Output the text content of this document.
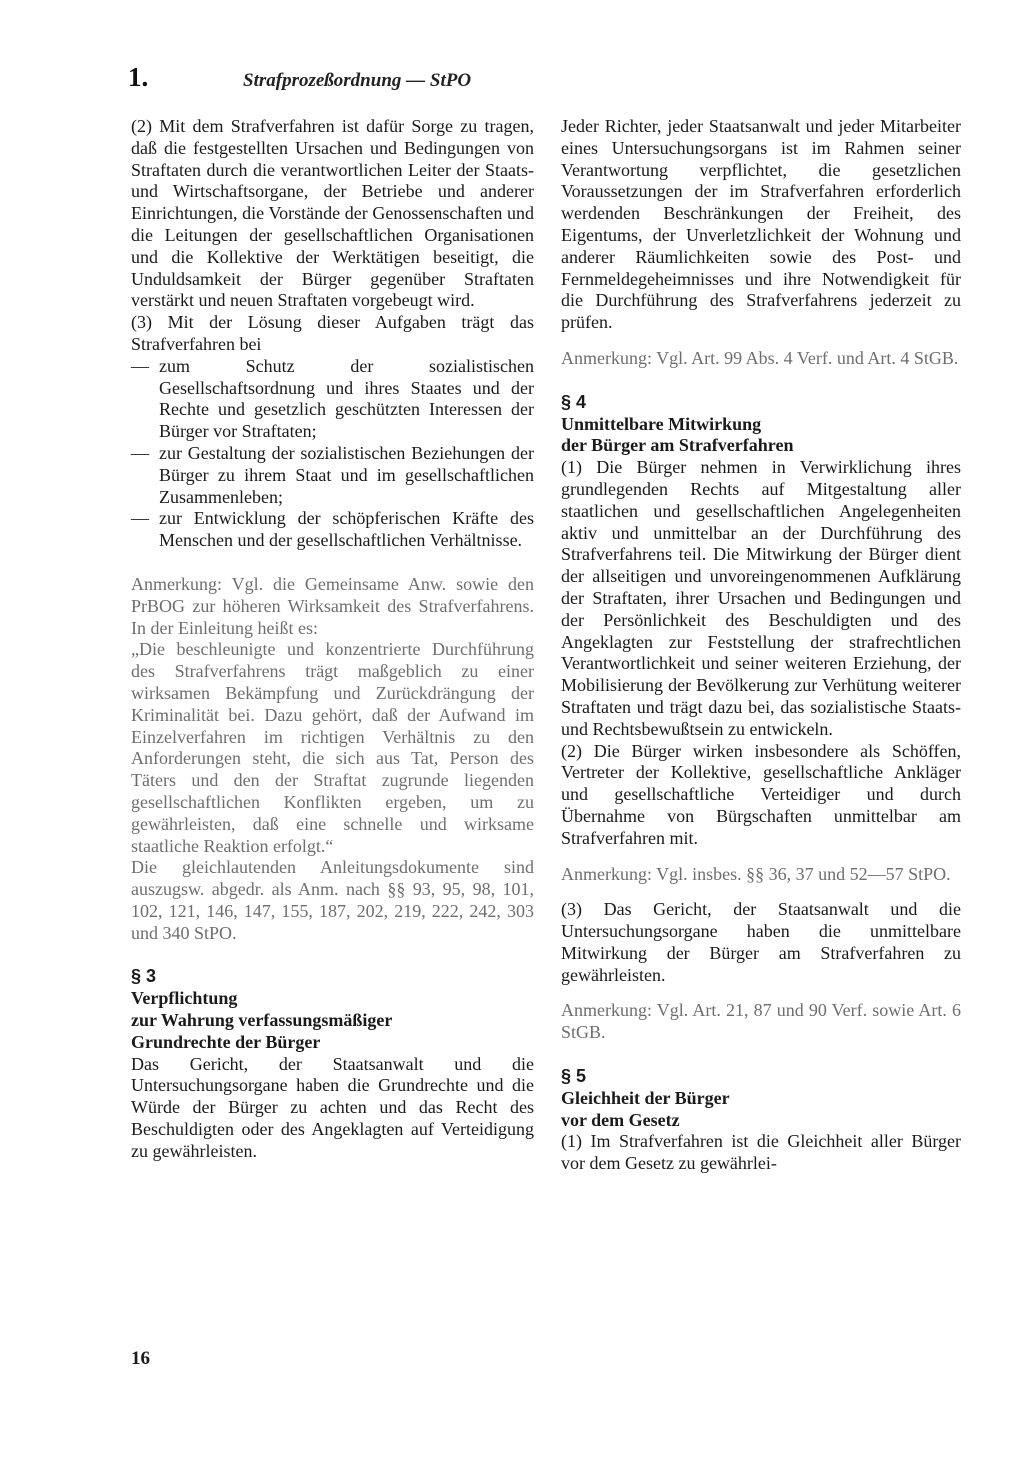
1.	Strafprozeßordnung — StPO

(2) Mit dem Strafverfahren ist dafür Sorge zu tragen, daß die festgestellten Ursachen und Bedingungen von Straftaten durch die verantwortlichen Leiter der Staats- und Wirtschaftsorgane, der Betriebe und anderer Einrichtungen, die Vorstände der Genossenschaften und die Leitungen der gesellschaftlichen Organisationen und die Kollektive der Werktätigen beseitigt, die Unduldsamkeit der Bürger gegenüber Straftaten verstärkt und neuen Straftaten vorgebeugt wird.

(3) Mit der Lösung dieser Aufgaben trägt das Strafverfahren bei

— zum Schutz der sozialistischen Gesellschaftsordnung und ihres Staates und der Rechte und gesetzlich geschützten Interessen der Bürger vor Straftaten;
— zur Gestaltung der sozialistischen Beziehungen der Bürger zu ihrem Staat und im gesellschaftlichen Zusammenleben;
— zur Entwicklung der schöpferischen Kräfte des Menschen und der gesellschaftlichen Verhältnisse.

Anmerkung: Vgl. die Gemeinsame Anw. sowie den PrBOG zur höheren Wirksamkeit des Strafverfahrens. In der Einleitung heißt es:

„Die beschleunigte und konzentrierte Durchführung des Strafverfahrens trägt maßgeblich zu einer wirksamen Bekämpfung und Zurückdrängung der Kriminalität bei. Dazu gehört, daß der Aufwand im Einzelverfahren im richtigen Verhältnis zu den Anforderungen steht, die sich aus Tat, Person des Täters und den der Straftat zugrunde liegenden gesellschaftlichen Konflikten ergeben, um zu gewährleisten, daß eine schnelle und wirksame staatliche Reaktion erfolgt.“

Die gleichlautenden Anleitungsdokumente sind auszugsw. abgedr. als Anm. nach §§ 93, 95, 98, 101, 102, 121, 146, 147, 155, 187, 202, 219, 222, 242, 303 und 340 StPO.

§ 3

Verpflichtung

zur Wahrung verfassungsmäßiger

Grundrechte der Bürger

Das Gericht, der Staatsanwalt und die Untersuchungsorgane haben die Grundrechte und die Würde der Bürger zu achten und das Recht des Beschuldigten oder des Angeklagten auf Verteidigung zu gewährleisten.

Jeder Richter, jeder Staatsanwalt und jeder Mitarbeiter eines Untersuchungsorgans ist im Rahmen seiner Verantwortung verpflichtet, die gesetzlichen Voraussetzungen der im Strafverfahren erforderlich werdenden Beschränkungen der Freiheit, des Eigentums, der Unverletzlichkeit der Wohnung und anderer Räumlichkeiten sowie des Post- und Fernmeldegeheimnisses und ihre Notwendigkeit für die Durchführung des Strafverfahrens jederzeit zu prüfen.

Anmerkung: Vgl. Art. 99 Abs. 4 Verf. und Art. 4 StGB.

§ 4

Unmittelbare Mitwirkung

der Bürger am Strafverfahren

(1) Die Bürger nehmen in Verwirklichung ihres grundlegenden Rechts auf Mitgestaltung aller staatlichen und gesellschaftlichen Angelegenheiten aktiv und unmittelbar an der Durchführung des Strafverfahrens teil. Die Mitwirkung der Bürger dient der allseitigen und unvoreingenommenen Aufklärung der Straftaten, ihrer Ursachen und Bedingungen und der Persönlichkeit des Beschuldigten und des Angeklagten zur Feststellung der strafrechtlichen Verantwortlichkeit und seiner weiteren Erziehung, der Mobilisierung der Bevölkerung zur Verhütung weiterer Straftaten und trägt dazu bei, das sozialistische Staats- und Rechtsbewußtsein zu entwickeln.

(2) Die Bürger wirken insbesondere als Schöffen, Vertreter der Kollektive, gesellschaftliche Ankläger und gesellschaftliche Verteidiger und durch Übernahme von Bürgschaften unmittelbar am Strafverfahren mit.

Anmerkung: Vgl. insbes. §§ 36, 37 und 52—57 StPO.

(3) Das Gericht, der Staatsanwalt und die Untersuchungsorgane haben die unmittelbare Mitwirkung der Bürger am Strafverfahren zu gewährleisten.

Anmerkung: Vgl. Art. 21, 87 und 90 Verf. sowie Art. 6 StGB.

§ 5

Gleichheit der Bürger

vor dem Gesetz

(1) Im Strafverfahren ist die Gleichheit aller Bürger vor dem Gesetz zu gewährlei-

16
